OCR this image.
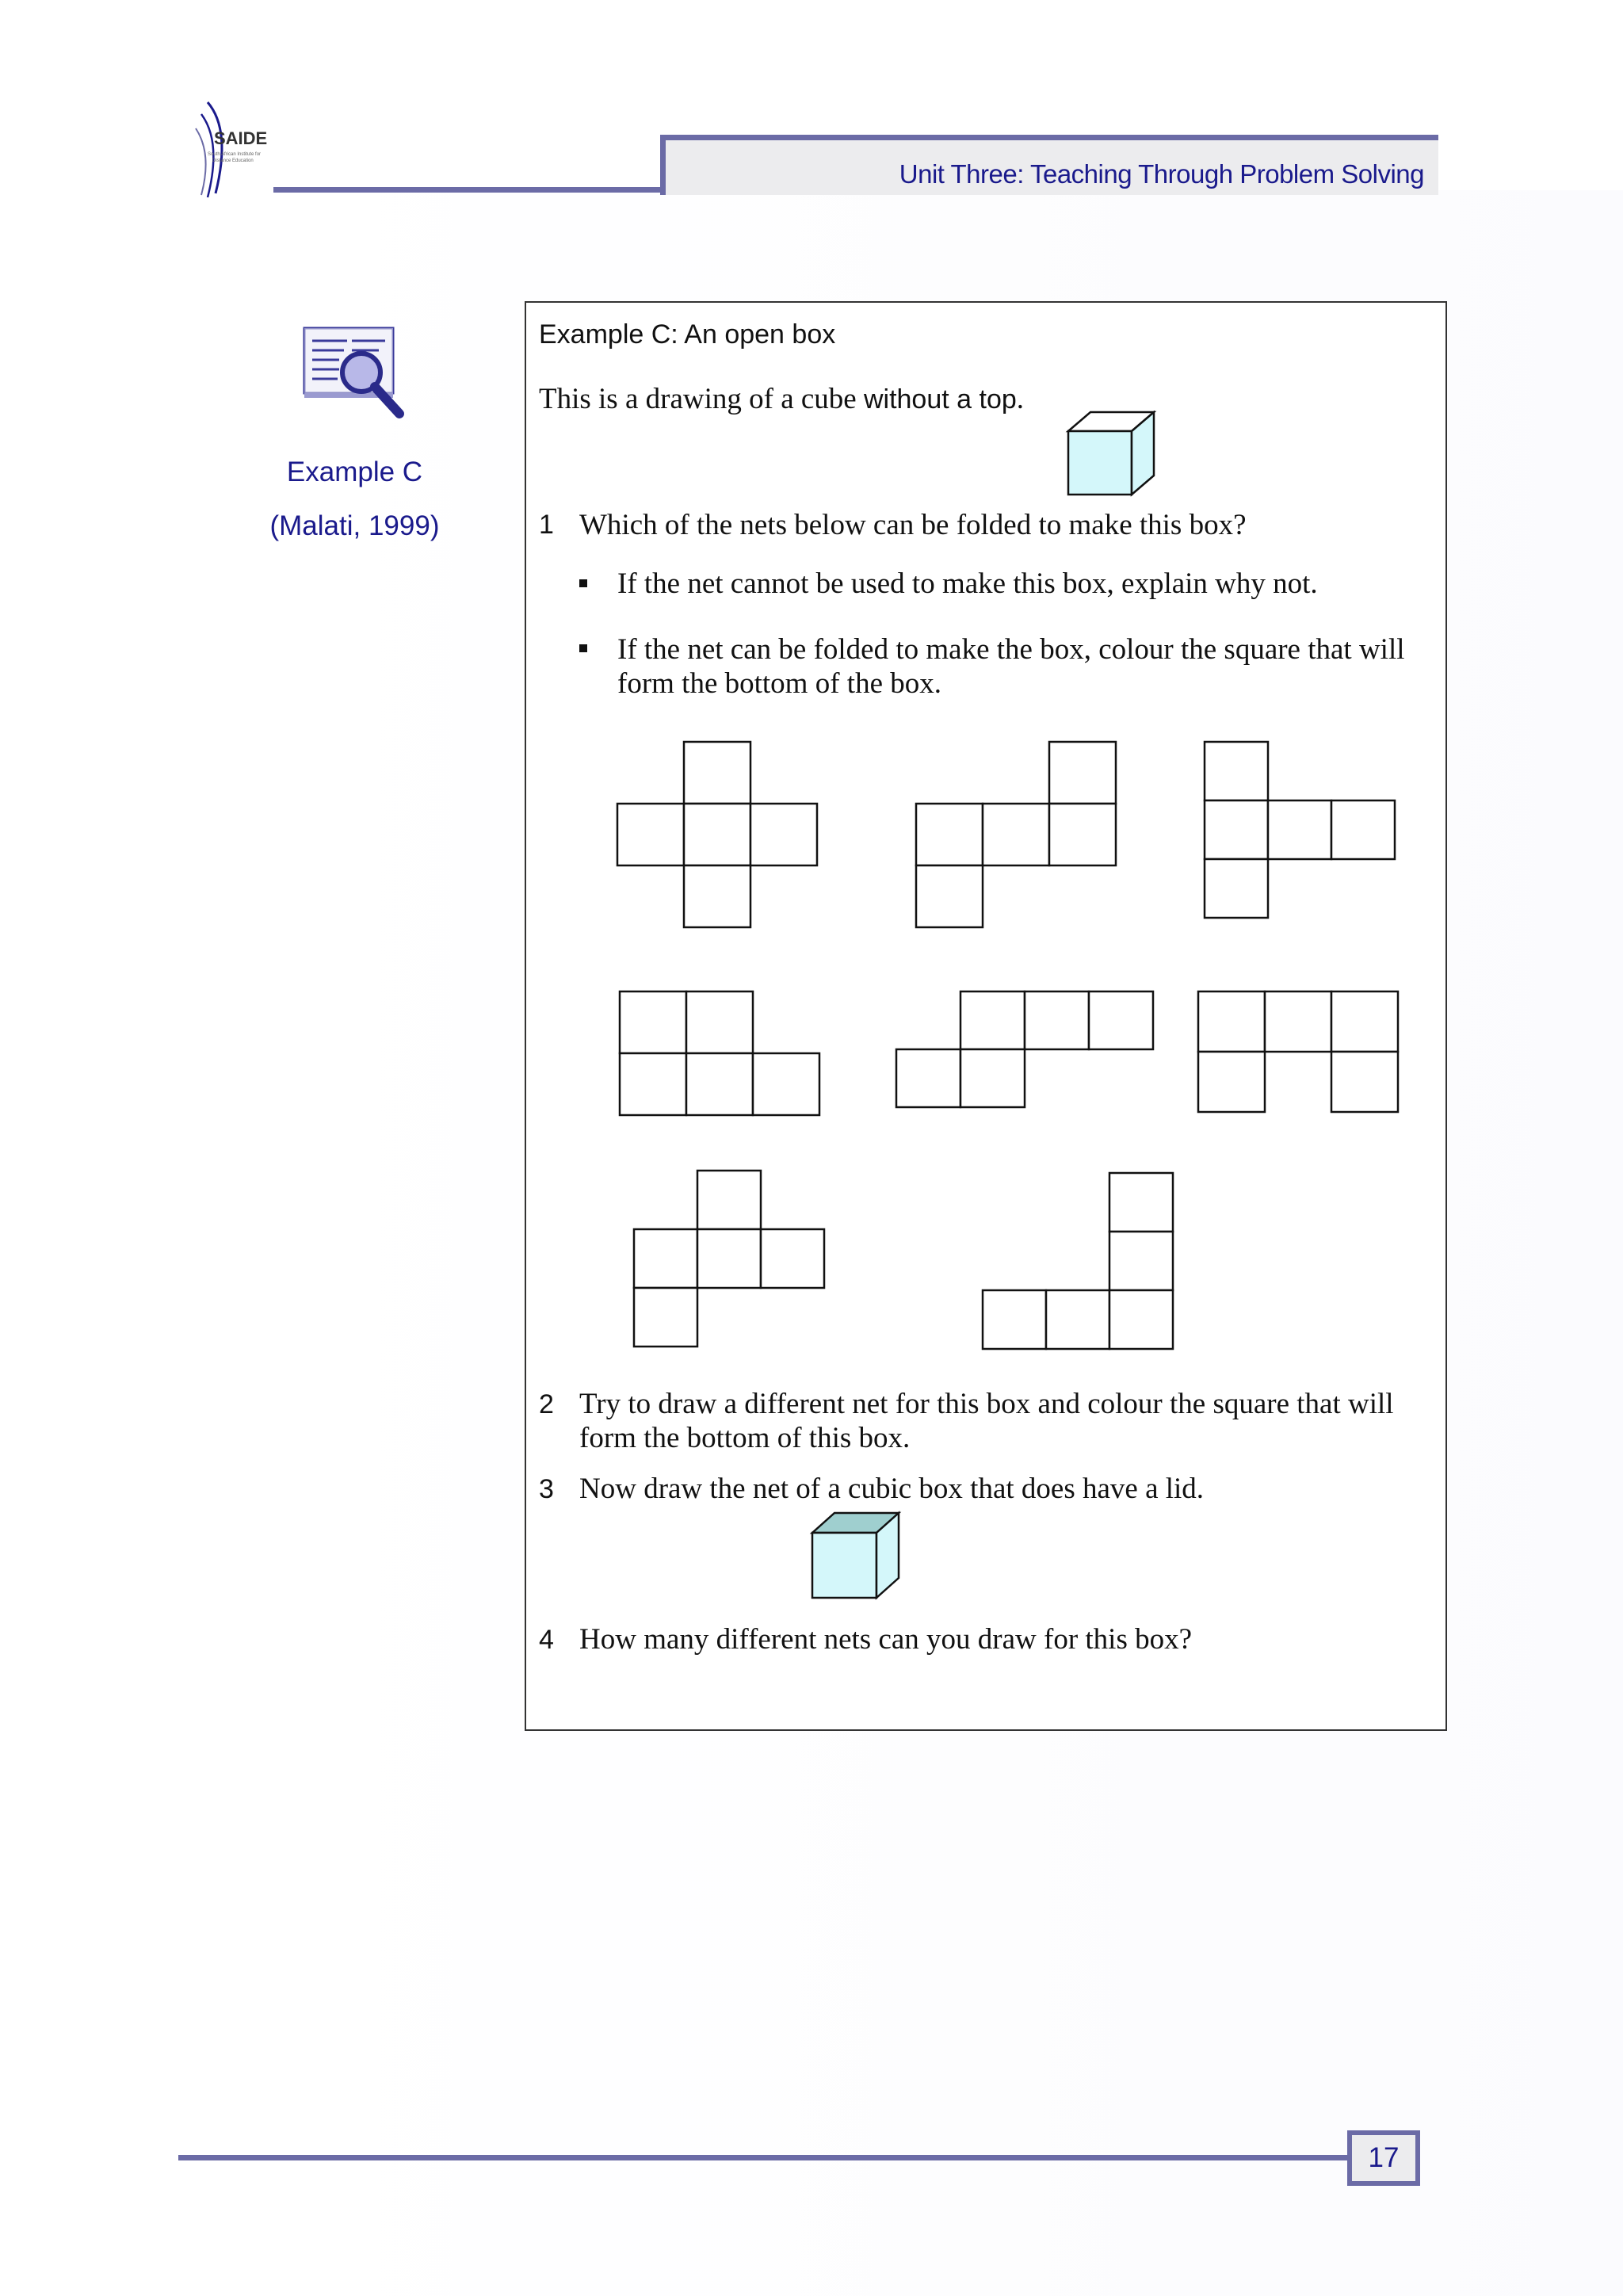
SAIDE
South African Institute for
Distance Education	Unit Three: Teaching Through Problem Solving
Example C
(Malati, 1999)
Example C: An open box
This is a drawing of a cube without a top.
1 Which of the nets below can be folded to make this box?
If the net cannot be used to make this box, explain why not.
If the net can be folded to make the box, colour the square that will
form the bottom of the box.
2 Try to draw a different net for this box and colour the square that will
form the bottom of this box.
3 Now draw the net of a cubic box that does have a lid.
4 How many different nets can you draw for this box?
17
